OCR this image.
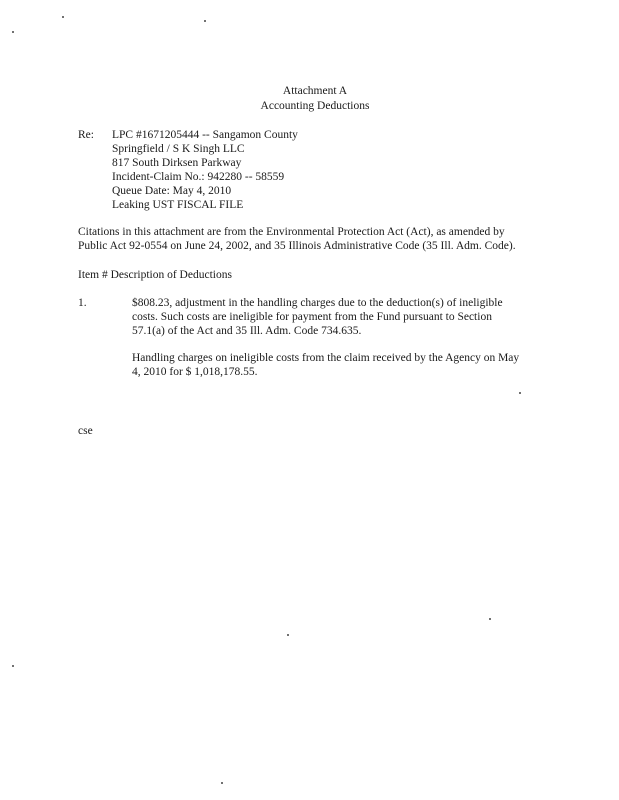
Attachment A
Accounting Deductions
Re: LPC #1671205444 -- Sangamon County
Springfield / S K Singh LLC
817 South Dirksen Parkway
Incident-Claim No.: 942280 -- 58559
Queue Date: May 4, 2010
Leaking UST FISCAL FILE
Citations in this attachment are from the Environmental Protection Act (Act), as amended by
Public Act 92-0554 on June 24, 2002, and 35 Illinois Administrative Code (35 Ill. Adm. Code).
Item # Description of Deductions
1.	$808.23, adjustment in the handling charges due to the deduction(s) of ineligible
costs. Such costs are ineligible for payment from the Fund pursuant to Section
57.1(a) of the Act and 35 Ill. Adm. Code 734.635.
Handling charges on ineligible costs from the claim received by the Agency on May
4, 2010 for $ 1,018,178.55.
cse
